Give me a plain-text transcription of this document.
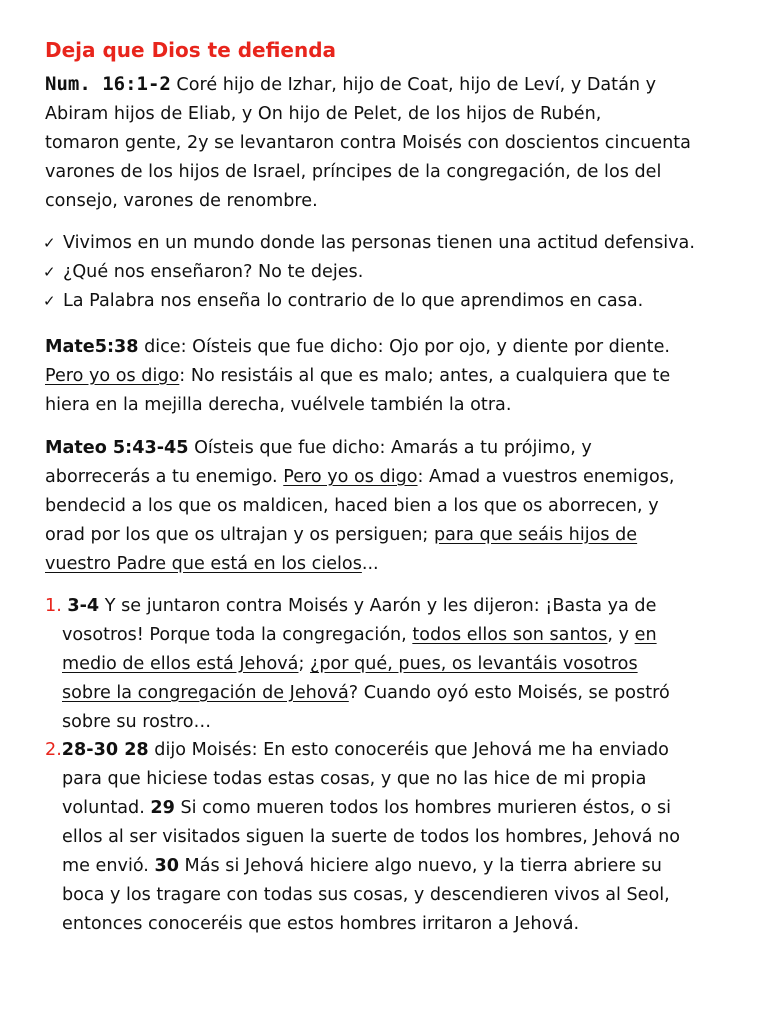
Deja que Dios te defienda
Num. 16:1-2 Coré hijo de Izhar, hijo de Coat, hijo de Leví, y Datán y
Abiram hijos de Eliab, y On hijo de Pelet, de los hijos de Rubén,
tomaron gente, 2y se levantaron contra Moisés con doscientos cincuenta
varones de los hijos de Israel, príncipes de la congregación, de los del
consejo, varones de renombre.
✓ Vivimos en un mundo donde las personas tienen una actitud defensiva.
✓ ¿Qué nos enseñaron? No te dejes.
✓ La Palabra nos enseña lo contrario de lo que aprendimos en casa.
Mate5:38 dice: Oísteis que fue dicho: Ojo por ojo, y diente por diente.
Pero yo os digo: No resistáis al que es malo; antes, a cualquiera que te
hiera en la mejilla derecha, vuélvele también la otra.
Mateo 5:43-45 Oísteis que fue dicho: Amarás a tu prójimo, y
aborrecerás a tu enemigo. Pero yo os digo: Amad a vuestros enemigos,
bendecid a los que os maldicen, haced bien a los que os aborrecen, y
orad por los que os ultrajan y os persiguen; para que seáis hijos de
vuestro Padre que está en los cielos...
1. 3-4 Y se juntaron contra Moisés y Aarón y les dijeron: ¡Basta ya de
vosotros! Porque toda la congregación, todos ellos son santos, y en
medio de ellos está Jehová; ¿por qué, pues, os levantáis vosotros
sobre la congregación de Jehová? Cuando oyó esto Moisés, se postró
sobre su rostro…
2.28-30 28 dijo Moisés: En esto conoceréis que Jehová me ha enviado
para que hiciese todas estas cosas, y que no las hice de mi propia
voluntad. 29 Si como mueren todos los hombres murieren éstos, o si
ellos al ser visitados siguen la suerte de todos los hombres, Jehová no
me envió. 30 Más si Jehová hiciere algo nuevo, y la tierra abriere su
boca y los tragare con todas sus cosas, y descendieren vivos al Seol,
entonces conoceréis que estos hombres irritaron a Jehová.
